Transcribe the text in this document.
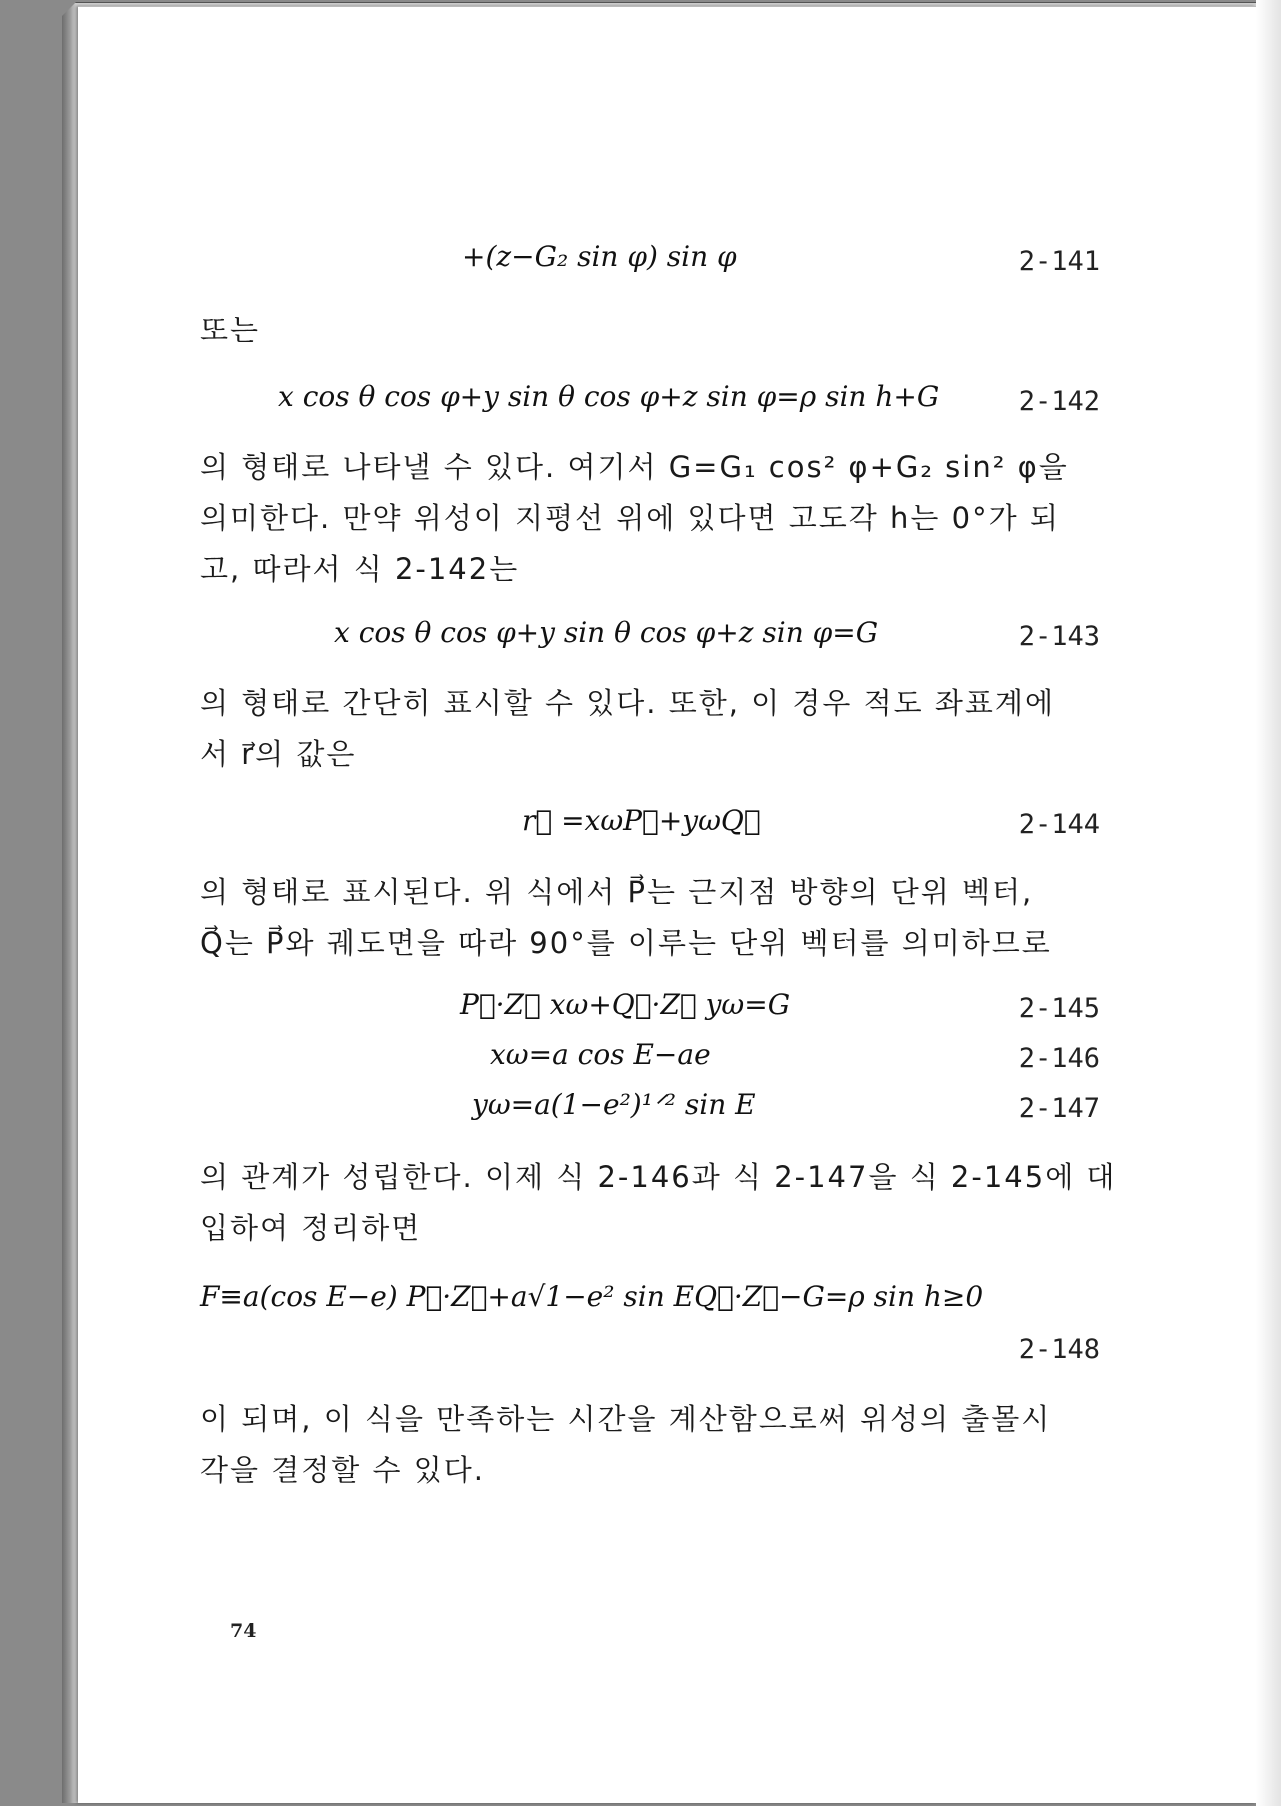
+(z−G₂ sin φ) sin φ	2-141
또는
x cos θ cos φ+y sin θ cos φ+z sin φ=ρ sin h+G	2-142
의 형태로 나타낼 수 있다. 여기서 G=G₁ cos² φ+G₂ sin² φ을
의미한다. 만약 위성이 지평선 위에 있다면 고도각 h는 0°가 되
고, 따라서 식 2-142는
x cos θ cos φ+y sin θ cos φ+z sin φ=G	2-143
의 형태로 간단히 표시할 수 있다. 또한, 이 경우 적도 좌표계에
서 r⃗의 값은
r⃗ =xωP⃗+yωQ⃗	2-144
의 형태로 표시된다. 위 식에서 P⃗는 근지점 방향의 단위 벡터,
Q⃗는 P⃗와 궤도면을 따라 90°를 이루는 단위 벡터를 의미하므로
P⃗·Z⃗ xω+Q⃗·Z⃗ yω=G	2-145
xω=a cos E−ae	2-146
yω=a(1−e²)¹ᐟ² sin E	2-147
의 관계가 성립한다. 이제 식 2-146과 식 2-147을 식 2-145에 대
입하여 정리하면
F≡a(cos E−e) P⃗·Z⃗+a√1−e² sin EQ⃗·Z⃗−G=ρ sin h≥0
2-148
이 되며, 이 식을 만족하는 시간을 계산함으로써 위성의 출몰시
각을 결정할 수 있다.
74
